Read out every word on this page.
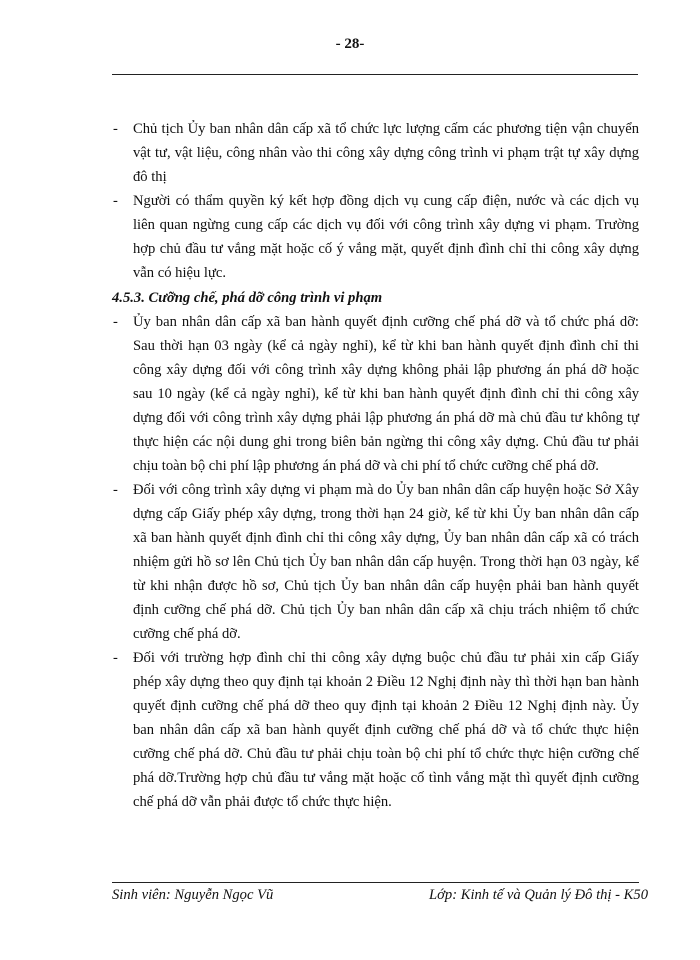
- 28-
- Chủ tịch Ủy ban nhân dân cấp xã tổ chức lực lượng cấm các phương tiện vận chuyển vật tư, vật liệu, công nhân vào thi công xây dựng công trình vi phạm trật tự xây dựng đô thị
- Người có thẩm quyền ký kết hợp đồng dịch vụ cung cấp điện, nước và các dịch vụ liên quan ngừng cung cấp các dịch vụ đối với công trình xây dựng vi phạm. Trường hợp chủ đầu tư vắng mặt hoặc cố ý vắng mặt, quyết định đình chỉ thi công xây dựng vẫn có hiệu lực.
4.5.3. Cưỡng chế, phá dỡ công trình vi phạm
- Ủy ban nhân dân cấp xã ban hành quyết định cưỡng chế phá dỡ và tổ chức phá dỡ: Sau thời hạn 03 ngày (kể cả ngày nghỉ), kể từ khi ban hành quyết định đình chỉ thi công xây dựng đối với công trình xây dựng không phải lập phương án phá dỡ hoặc sau 10 ngày (kể cả ngày nghỉ), kể từ khi ban hành quyết định đình chỉ thi công xây dựng đối với công trình xây dựng phải lập phương án phá dỡ mà chủ đầu tư không tự thực hiện các nội dung ghi trong biên bản ngừng thi công xây dựng. Chủ đầu tư phải chịu toàn bộ chi phí lập phương án phá dỡ và chi phí tổ chức cưỡng chế phá dỡ.
- Đối với công trình xây dựng vi phạm mà do Ủy ban nhân dân cấp huyện hoặc Sở Xây dựng cấp Giấy phép xây dựng, trong thời hạn 24 giờ, kể từ khi Ủy ban nhân dân cấp xã ban hành quyết định đình chỉ thi công xây dựng, Ủy ban nhân dân cấp xã có trách nhiệm gửi hồ sơ lên Chủ tịch Ủy ban nhân dân cấp huyện. Trong thời hạn 03 ngày, kể từ khi nhận được hồ sơ, Chủ tịch Ủy ban nhân dân cấp huyện phải ban hành quyết định cưỡng chế phá dỡ. Chủ tịch Ủy ban nhân dân cấp xã chịu trách nhiệm tổ chức cưỡng chế phá dỡ.
- Đối với trường hợp đình chỉ thi công xây dựng buộc chủ đầu tư phải xin cấp Giấy phép xây dựng theo quy định tại khoản 2 Điều 12 Nghị định này thì thời hạn ban hành quyết định cưỡng chế phá dỡ theo quy định tại khoản 2 Điều 12 Nghị định này. Ủy ban nhân dân cấp xã ban hành quyết định cưỡng chế phá dỡ và tổ chức thực hiện cưỡng chế phá dỡ. Chủ đầu tư phải chịu toàn bộ chi phí tổ chức thực hiện cưỡng chế phá dỡ.Trường hợp chủ đầu tư vắng mặt hoặc cố tình vắng mặt thì quyết định cưỡng chế phá dỡ vẫn phải được tổ chức thực hiện.
Sinh viên: Nguyễn Ngọc Vũ	Lớp: Kinh tế và Quản lý Đô thị - K50
